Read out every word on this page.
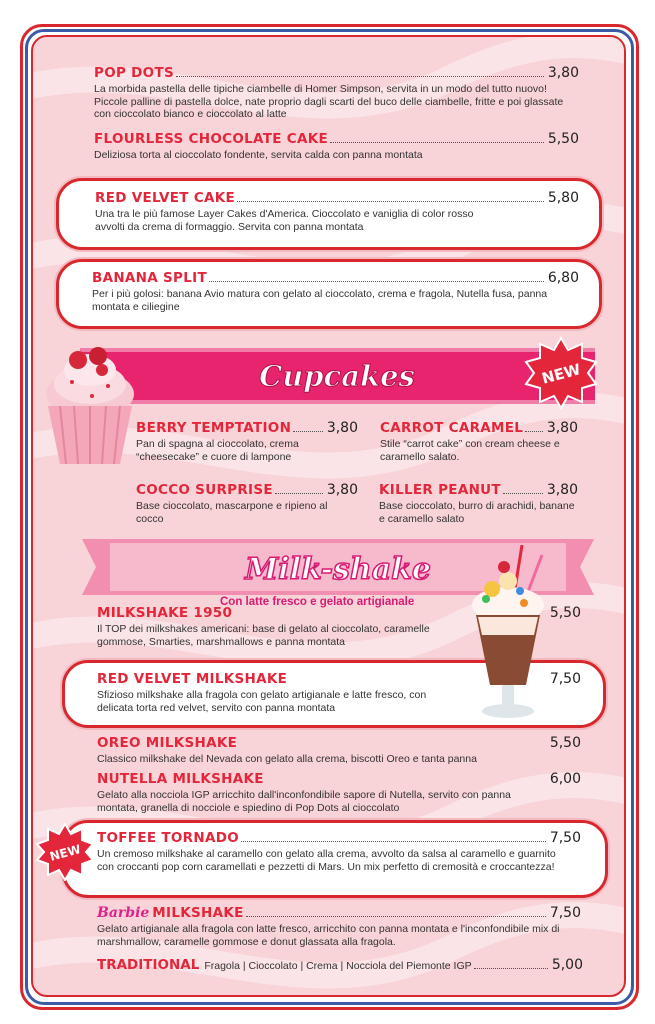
POP DOTS	3,80
La morbida pastella delle tipiche ciambelle di Homer Simpson, servita in un modo del tutto nuovo! Piccole palline di pastella dolce, nate proprio dagli scarti del buco delle ciambelle, fritte e poi glassate con cioccolato bianco e cioccolato al latte
FLOURLESS CHOCOLATE CAKE	5,50
Deliziosa torta al cioccolato fondente, servita calda con panna montata
RED VELVET CAKE	5,80
Una tra le più famose Layer Cakes d'America. Cioccolato e vaniglia di color rosso avvolti da crema di formaggio. Servita con panna montata
BANANA SPLIT	6,80
Per i più golosi: banana Avio matura con gelato al cioccolato, crema e fragola, Nutella fusa, panna montata e ciliegine
Cupcakes	NEW
BERRY TEMPTATION	3,80
Pan di spagna al cioccolato, crema “cheesecake” e cuore di lampone
CARROT CARAMEL 3,80
Stile “carrot cake” con cream cheese e caramello salato.
COCCO SURPRISE	3,80
Base cioccolato, mascarpone e ripieno al cocco
KILLER PEANUT	3,80
Base cioccolato, burro di arachidi, banane e caramello salato
Milk-shake
Con latte fresco e gelato artigianale
NEW
MILKSHAKE 1950	5,50
Il TOP dei milkshakes americani: base di gelato al cioccolato, caramelle gommose, Smarties, marshmallows e panna montata
RED VELVET MILKSHAKE	7,50
Sfizioso milkshake alla fragola con gelato artigianale e latte fresco, con delicata torta red velvet, servito con panna montata
OREO MILKSHAKE	5,50
Classico milkshake del Nevada con gelato alla crema, biscotti Oreo e tanta panna
NUTELLA MILKSHAKE	6,00
Gelato alla nocciola IGP arricchito dall'inconfondibile sapore di Nutella, servito con panna montata, granella di nocciole e spiedino di Pop Dots al cioccolato
TOFFEE TORNADO	7,50
Un cremoso milkshake al caramello con gelato alla crema, avvolto da salsa al caramello e guarnito con croccanti pop corn caramellati e pezzetti di Mars. Un mix perfetto di cremosità e croccantezza!
Barbie MILKSHAKE	7,50
Gelato artigianale alla fragola con latte fresco, arricchito con panna montata e l'inconfondibile mix di marshmallow, caramelle gommose e donut glassata alla fragola.
TRADITIONAL Fragola | Cioccolato | Crema | Nocciola del Piemonte IGP	5,00
